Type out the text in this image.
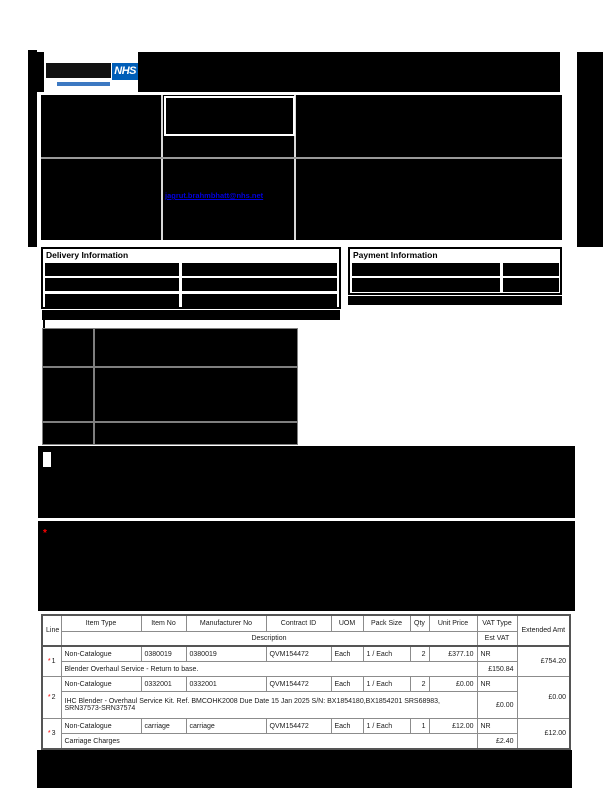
NHS
jagrut.brahmbhatt@nhs.net
Delivery Information	Payment Information
*
Line	Item Type	Item No	Manufacturer No	Contract ID	UOM	Pack Size	Qty	Unit Price	VAT Type	Extended Amt
	Description								Est VAT	
*1	Non-Catalogue	0380019	0380019	QVM154472	Each	1 / Each	2	£377.10	NR	£754.20
	Blender Overhaul Service - Return to base.								£150.84	
*2	Non-Catalogue	0332001	0332001	QVM154472	Each	1 / Each	2	£0.00	NR	£0.00
	IHC Blender - Overhaul Service Kit. Ref. BMCOHK2008 Due Date 15 Jan 2025 S/N: BX1854180,BX1854201 SRS68983, SRN37573-SRN37574								£0.00	
*3	Non-Catalogue	carriage	carriage	QVM154472	Each	1 / Each	1	£12.00	NR	£12.00
	Carriage Charges								£2.40	
